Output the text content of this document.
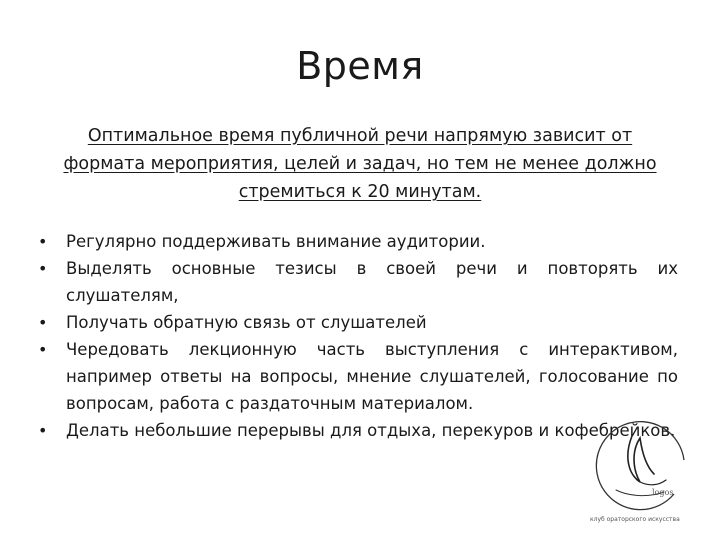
Время
Оптимальное время публичной речи напрямую зависит от формата мероприятия, целей и задач, но тем не менее должно стремиться к 20 минутам.
• Регулярно поддерживать внимание аудитории.
• Выделять основные тезисы в своей речи и повторять их слушателям,
• Получать обратную связь от слушателей
• Чередовать лекционную часть выступления с интерактивом, например ответы на вопросы, мнение слушателей, голосование по вопросам, работа с раздаточным материалом.
• Делать небольшие перерывы для отдыха, перекуров и кофебрейков.
logos
клуб ораторского искусства
